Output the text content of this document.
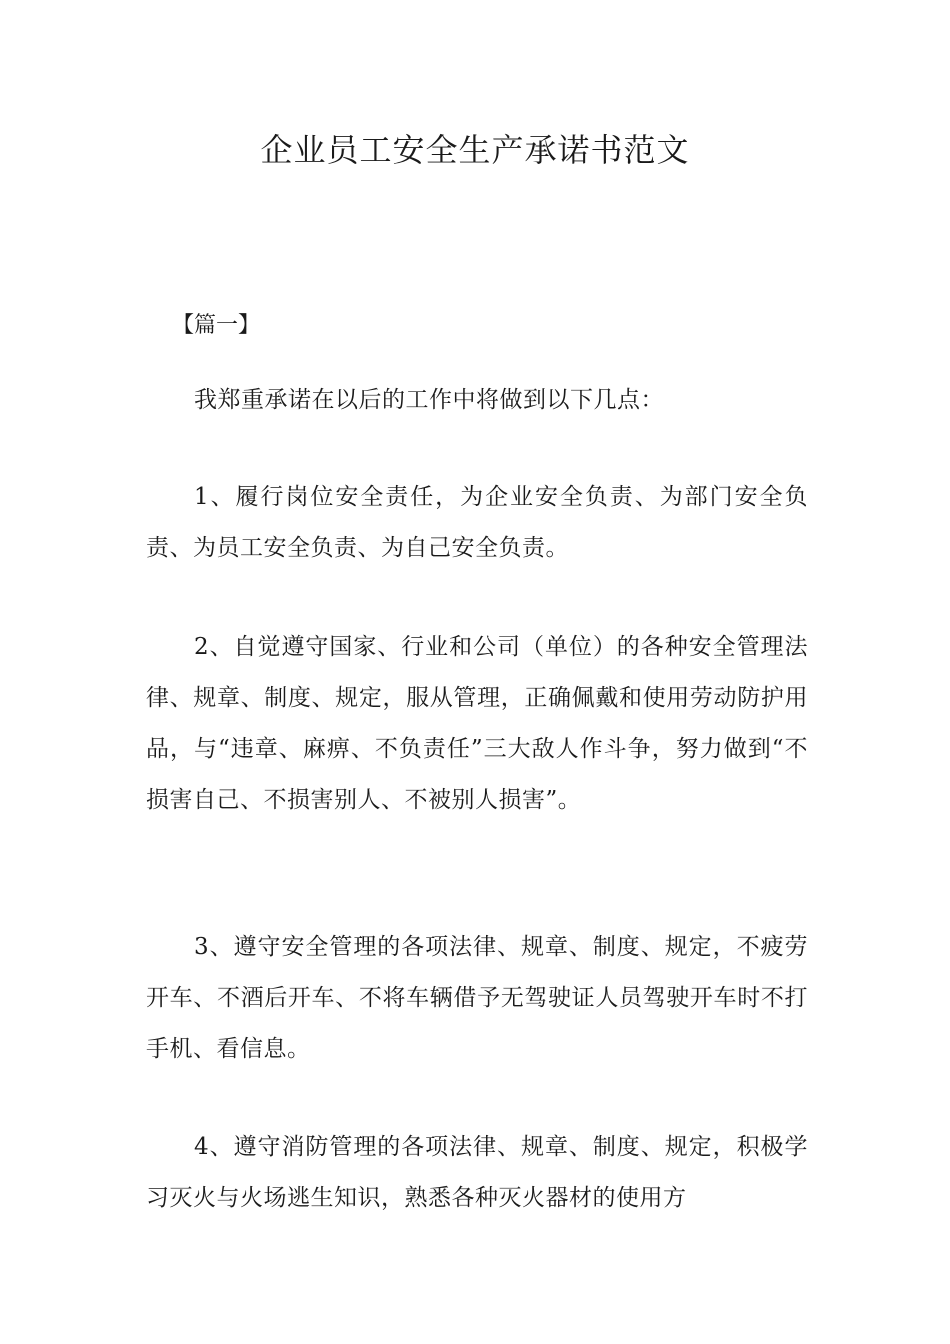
企业员工安全生产承诺书范文

【篇一】

我郑重承诺在以后的工作中将做到以下几点：

1、履行岗位安全责任，为企业安全负责、为部门安全负责、为员工安全负责、为自己安全负责。

2、自觉遵守国家、行业和公司（单位）的各种安全管理法律、规章、制度、规定，服从管理，正确佩戴和使用劳动防护用品，与“违章、麻痹、不负责任”三大敌人作斗争，努力做到“不损害自己、不损害别人、不被别人损害”。

3、遵守安全管理的各项法律、规章、制度、规定，不疲劳开车、不酒后开车、不将车辆借予无驾驶证人员驾驶开车时不打手机、看信息。

4、遵守消防管理的各项法律、规章、制度、规定，积极学习灭火与火场逃生知识，熟悉各种灭火器材的使用方
